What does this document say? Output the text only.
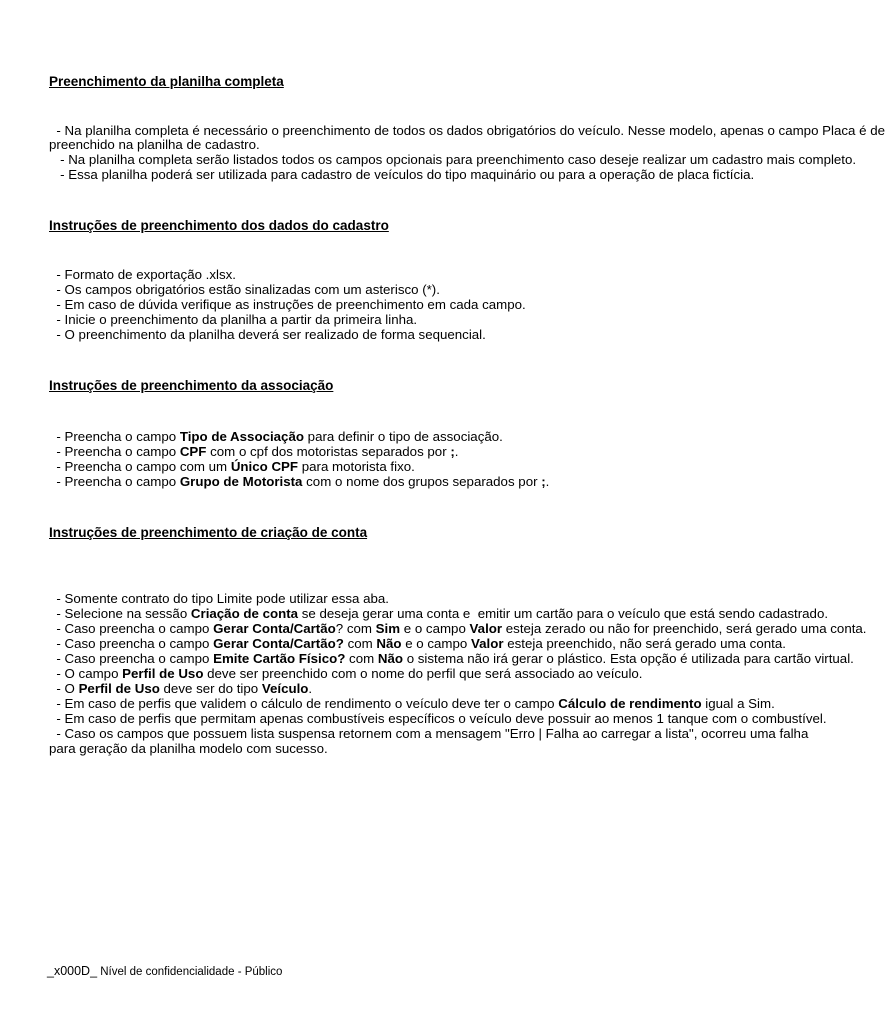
Preenchimento da planilha completa
- Na planilha completa é necessário o preenchimento de todos os dados obrigatórios do veículo. Nesse modelo, apenas o campo Placa é de
preenchido na planilha de cadastro.
- Na planilha completa serão listados todos os campos opcionais para preenchimento caso deseje realizar um cadastro mais completo.
- Essa planilha poderá ser utilizada para cadastro de veículos do tipo maquinário ou para a operação de placa fictícia.
Instruções de preenchimento dos dados do cadastro
- Formato de exportação .xlsx.
- Os campos obrigatórios estão sinalizadas com um asterisco (*).
- Em caso de dúvida verifique as instruções de preenchimento em cada campo.
- Inicie o preenchimento da planilha a partir da primeira linha.
- O preenchimento da planilha deverá ser realizado de forma sequencial.
Instruções de preenchimento da associação
- Preencha o campo Tipo de Associação para definir o tipo de associação.
- Preencha o campo CPF com o cpf dos motoristas separados por ;.
- Preencha o campo com um Único CPF para motorista fixo.
- Preencha o campo Grupo de Motorista com o nome dos grupos separados por ;.
Instruções de preenchimento de criação de conta
- Somente contrato do tipo Limite pode utilizar essa aba.
- Selecione na sessão Criação de conta se deseja gerar uma conta e  emitir um cartão para o veículo que está sendo cadastrado.
- Caso preencha o campo Gerar Conta/Cartão? com Sim e o campo Valor esteja zerado ou não for preenchido, será gerado uma conta.
- Caso preencha o campo Gerar Conta/Cartão? com Não e o campo Valor esteja preenchido, não será gerado uma conta.
- Caso preencha o campo Emite Cartão Físico? com Não o sistema não irá gerar o plástico. Esta opção é utilizada para cartão virtual.
- O campo Perfil de Uso deve ser preenchido com o nome do perfil que será associado ao veículo.
- O Perfil de Uso deve ser do tipo Veículo.
- Em caso de perfis que validem o cálculo de rendimento o veículo deve ter o campo Cálculo de rendimento igual a Sim.
- Em caso de perfis que permitam apenas combustíveis específicos o veículo deve possuir ao menos 1 tanque com o combustível.
- Caso os campos que possuem lista suspensa retornem com a mensagem "Erro | Falha ao carregar a lista", ocorreu uma falha
para geração da planilha modelo com sucesso.
_x000D_ Nível de confidencialidade - Público
